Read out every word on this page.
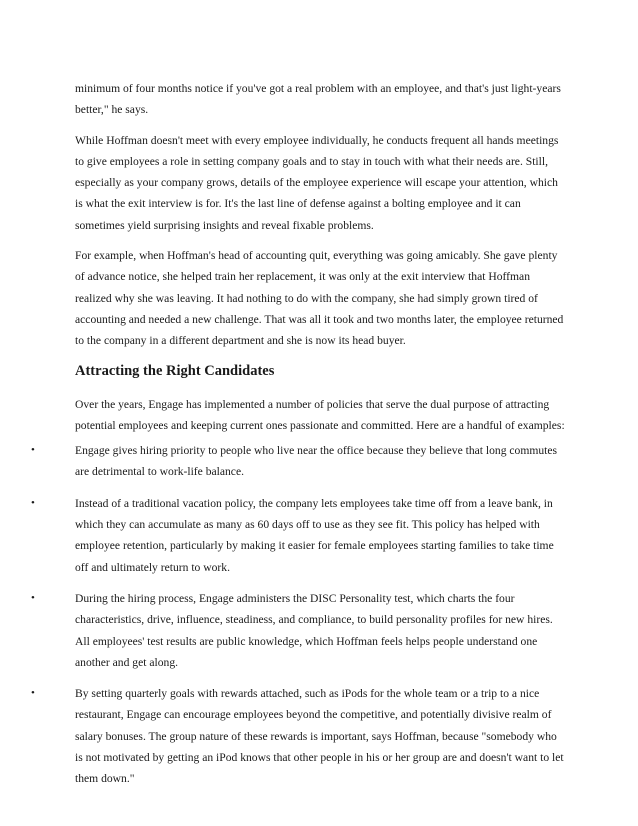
minimum of four months notice if you've got a real problem with an employee, and that's just light-years better," he says.

While Hoffman doesn't meet with every employee individually, he conducts frequent all hands meetings to give employees a role in setting company goals and to stay in touch with what their needs are. Still, especially as your company grows, details of the employee experience will escape your attention, which is what the exit interview is for. It's the last line of defense against a bolting employee and it can sometimes yield surprising insights and reveal fixable problems.

For example, when Hoffman's head of accounting quit, everything was going amicably. She gave plenty of advance notice, she helped train her replacement, it was only at the exit interview that Hoffman realized why she was leaving. It had nothing to do with the company, she had simply grown tired of accounting and needed a new challenge. That was all it took and two months later, the employee returned to the company in a different department and she is now its head buyer.

Attracting the Right Candidates

Over the years, Engage has implemented a number of policies that serve the dual purpose of attracting potential employees and keeping current ones passionate and committed. Here are a handful of examples:

•	Engage gives hiring priority to people who live near the office because they believe that long commutes are detrimental to work-life balance.
•	Instead of a traditional vacation policy, the company lets employees take time off from a leave bank, in which they can accumulate as many as 60 days off to use as they see fit. This policy has helped with employee retention, particularly by making it easier for female employees starting families to take time off and ultimately return to work.
•	During the hiring process, Engage administers the DISC Personality test, which charts the four characteristics, drive, influence, steadiness, and compliance, to build personality profiles for new hires. All employees' test results are public knowledge, which Hoffman feels helps people understand one another and get along.
•	By setting quarterly goals with rewards attached, such as iPods for the whole team or a trip to a nice restaurant, Engage can encourage employees beyond the competitive, and potentially divisive realm of salary bonuses. The group nature of these rewards is important, says Hoffman, because "somebody who is not motivated by getting an iPod knows that other people in his or her group are and doesn't want to let them down."
